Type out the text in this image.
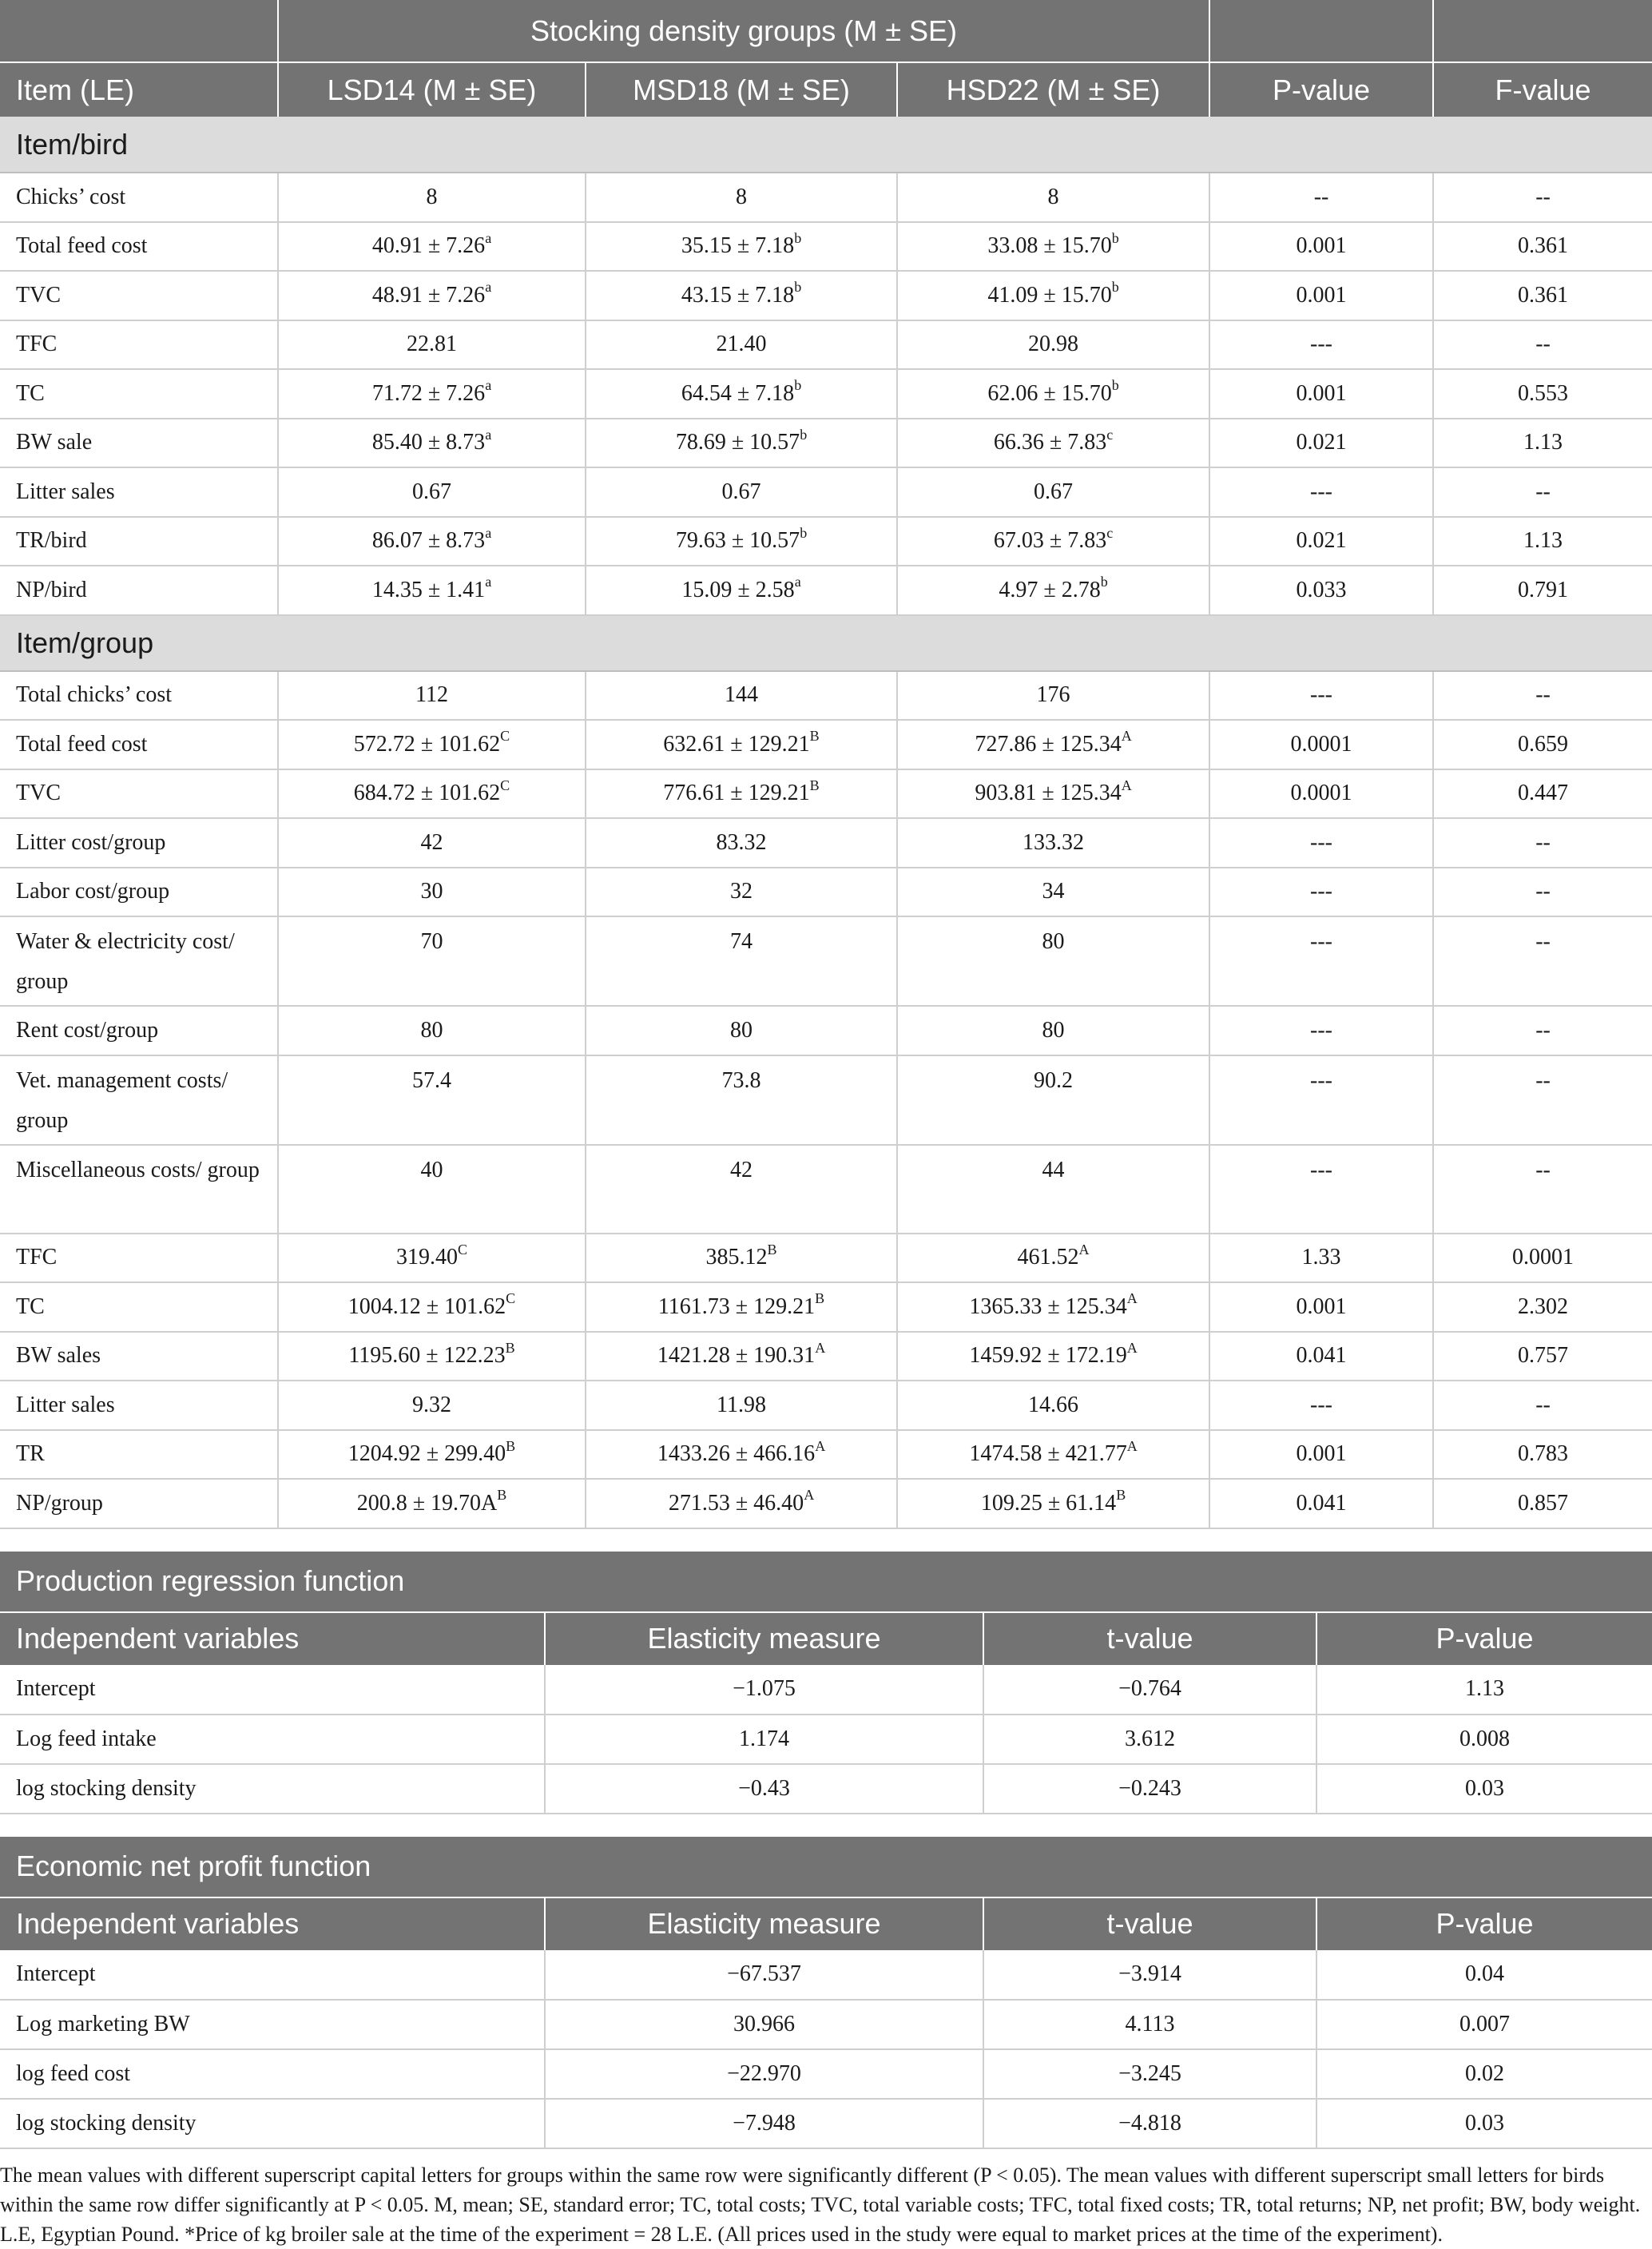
	Stocking density groups (M ± SE)				
Item (LE)	LSD14 (M ± SE)	MSD18 (M ± SE)	HSD22 (M ± SE)	P-value	F-value
Item/bird					
Chicks’ cost	8	8	8	--	--
Total feed cost	40.91 ± 7.26$^a$	35.15 ± 7.18$^b$	33.08 ± 15.70$^b$	0.001	0.361
TVC	48.91 ± 7.26$^a$	43.15 ± 7.18$^b$	41.09 ± 15.70$^b$	0.001	0.361
TFC	22.81	21.40	20.98	---	--
TC	71.72 ± 7.26$^a$	64.54 ± 7.18$^b$	62.06 ± 15.70$^b$	0.001	0.553
BW sale	85.40 ± 8.73$^a$	78.69 ± 10.57$^b$	66.36 ± 7.83$^c$	0.021	1.13
Litter sales	0.67	0.67	0.67	---	--
TR/bird	86.07 ± 8.73$^a$	79.63 ± 10.57$^b$	67.03 ± 7.83$^c$	0.021	1.13
NP/bird	14.35 ± 1.41$^a$	15.09 ± 2.58$^a$	4.97 ± 2.78$^b$	0.033	0.791
Item/group					
Total chicks’ cost	112	144	176	---	--
Total feed cost	$572.72 \pm 101.62^C$	$632.61 \pm 129.21^B$	$727.86 \pm 125.34^A$	0.0001	0.659
TVC	$684.72 \pm 101.62^C$	$776.61 \pm 129.21^B$	$903.81 \pm 125.34^A$	0.0001	0.447
Litter cost/group	42	83.32	133.32	---	--
Labor cost/group	30	32	34	---	--
Water & electricity cost/ group	70	74	80	---	--
Rent cost/group	80	80	80	---	--
Vet. management costs/ group	57.4	73.8	90.2	---	--
Miscellaneous costs/ group	40	42	44	---	--
TFC	$319.40^C$	$385.12^B$	$461.52^A$	1.33	0.0001
TC	$1004.12 \pm 101.62^C$	$1161.73 \pm 129.21^B$	$1365.33 \pm 125.34^A$	0.001	2.302
BW sales	$1195.60 \pm 122.23^B$	$1421.28 \pm 190.31^A$	$1459.92 \pm 172.19^A$	0.041	0.757
Litter sales	9.32	11.98	14.66	---	--
TR	$1204.92 \pm 299.40^B$	$1433.26 \pm 466.16^A$	$1474.58 \pm 421.77^A$	0.001	0.783
NP/group	$200.8 \pm 19.70A^B$	$271.53 \pm 46.40^A$	$109.25 \pm 61.14^B$	0.041	0.857
Production regression function			
Independent variables	Elasticity measure	t-value	P-value
Intercept	−1.075	−0.764	1.13
Log feed intake	1.174	3.612	0.008
log stocking density	−0.43	−0.243	0.03
Economic net profit function			
Independent variables	Elasticity measure	t-value	P-value
Intercept	−67.537	−3.914	0.04
Log marketing BW	30.966	4.113	0.007
log feed cost	−22.970	−3.245	0.02
log stocking density	−7.948	−4.818	0.03

The mean values with different superscript capital letters for groups within the same row were significantly different (P < 0.05). The mean values with different superscript small letters for birds within the same row differ significantly at P < 0.05. M, mean; SE, standard error; TC, total costs; TVC, total variable costs; TFC, total fixed costs; TR, total returns; NP, net profit; BW, body weight. L.E, Egyptian Pound. *Price of kg broiler sale at the time of the experiment = 28 L.E. (All prices used in the study were equal to market prices at the time of the experiment).
